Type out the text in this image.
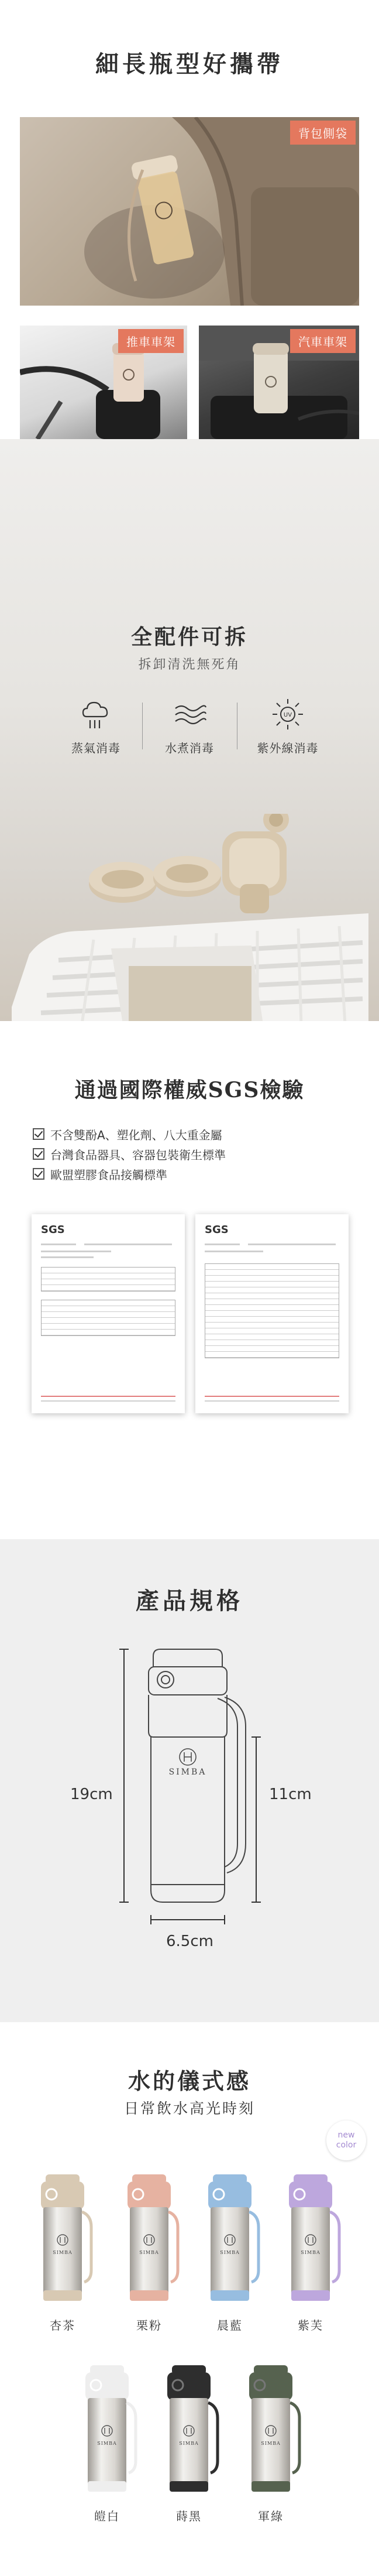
細長瓶型好攜帶
背包側袋
推車車架	汽車車架
全配件可拆

拆卸清洗無死角

蒸氣消毒	水煮消毒
UV
紫外線消毒
通過國際權威SGS檢驗
不含雙酚A、塑化劑、八大重金屬
台灣食品器具、容器包裝衛生標準
歐盟塑膠食品接觸標準
SGS	SGS
產品規格
SIMBA
19cm	11cm
6.5cm
水的儀式感

日常飲水高光時刻

new
color
SIMBA
杏茶
SIMBA
栗粉
SIMBA
晨藍
SIMBA
紫芙
SIMBA
皚白
SIMBA
蒔黑
SIMBA
軍綠
